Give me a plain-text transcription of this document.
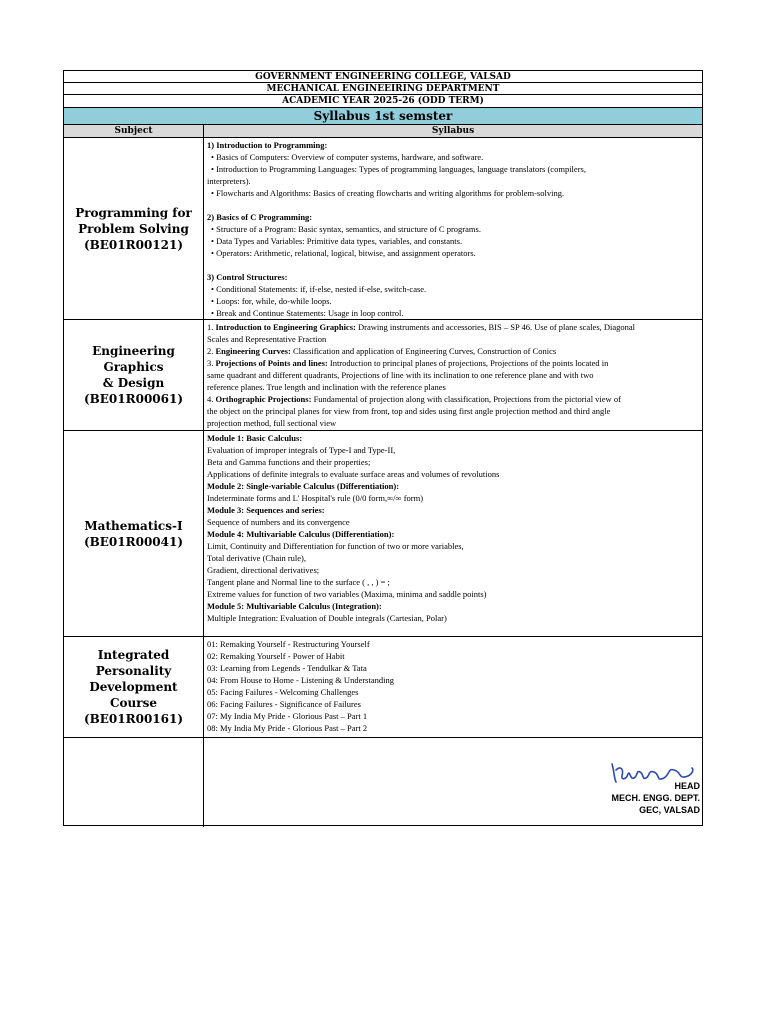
GOVERNMENT ENGINEERING COLLEGE, VALSAD
MECHANICAL ENGINEEIRING DEPARTMENT
ACADEMIC YEAR 2025-26 (ODD TERM)
Syllabus 1st semster
Subject	Syllabus
Programming for
Problem Solving
(BE01R00121)
1) Introduction to Programming:
• Basics of Computers: Overview of computer systems, hardware, and software.
• Introduction to Programming Languages: Types of programming languages, language translators (compilers,
interpreters).
• Flowcharts and Algorithms: Basics of creating flowcharts and writing algorithms for problem-solving.
2) Basics of C Programming:
• Structure of a Program: Basic syntax, semantics, and structure of C programs.
• Data Types and Variables: Primitive data types, variables, and constants.
• Operators: Arithmetic, relational, logical, bitwise, and assignment operators.
3) Control Structures:
• Conditional Statements: if, if-else, nested if-else, switch-case.
• Loops: for, while, do-while loops.
• Break and Continue Statements: Usage in loop control.
Engineering Graphics
& Design
(BE01R00061)
1. Introduction to Engineering Graphics: Drawing instruments and accessories, BIS – SP 46. Use of plane scales, Diagonal
Scales and Representative Fraction
2. Engineering Curves: Classification and application of Engineering Curves, Construction of Conics
3. Projections of Points and lines: Introduction to principal planes of projections, Projections of the points located in
same quadrant and different quadrants, Projections of line with its inclination to one reference plane and with two
reference planes. True length and inclination with the reference planes
4. Orthographic Projections: Fundamental of projection along with classification, Projections from the pictorial view of
the object on the principal planes for view from front, top and sides using first angle projection method and third angle
projection method, full sectional view
Mathematics-I
(BE01R00041)
Module 1: Basic Calculus:
Evaluation of improper integrals of Type-I and Type-II,
Beta and Gamma functions and their properties;
Applications of definite integrals to evaluate surface areas and volumes of revolutions
Module 2: Single-variable Calculus (Differentiation):
Indeterminate forms and L' Hospital's rule (0/0 form,∞/∞ form)
Module 3: Sequences and series:
Sequence of numbers and its convergence
Module 4: Multivariable Calculus (Differentiation):
Limit, Continuity and Differentiation for function of two or more variables,
Total derivative (Chain rule),
Gradient, directional derivatives;
Tangent plane and Normal line to the surface ( , , ) = ;
Extreme values for function of two variables (Maxima, minima and saddle points)
Module 5: Multivariable Calculus (Integration):
Multiple Integration: Evaluation of Double integrals (Cartesian, Polar)
Integrated Personality
Development Course
(BE01R00161)
01: Remaking Yourself - Restructuring Yourself
02: Remaking Yourself - Power of Habit
03: Learning from Legends - Tendulkar & Tata
04: From House to Home - Listening & Understanding
05: Facing Failures - Welcoming Challenges
06: Facing Failures - Significance of Failures
07: My India My Pride - Glorious Past – Part 1
08: My India My Pride - Glorious Past – Part 2
HEAD
MECH. ENGG. DEPT.
GEC, VALSAD
